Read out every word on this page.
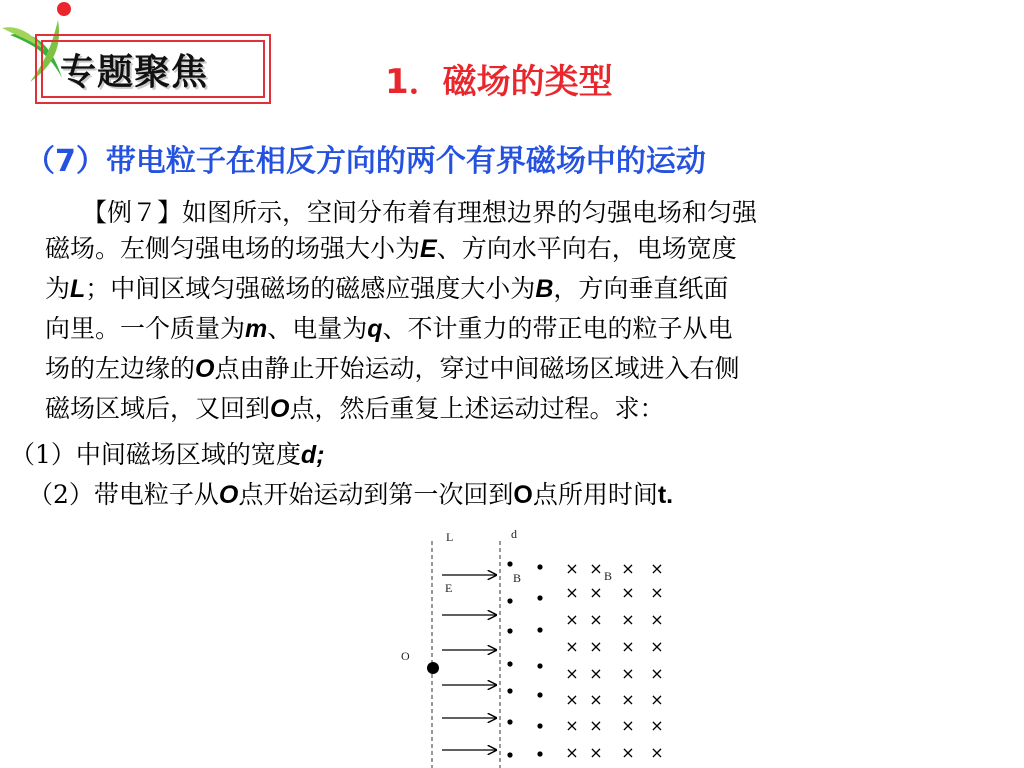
专题聚焦	1．磁场的类型
（7）带电粒子在相反方向的两个有界磁场中的运动
【例７】如图所示，空间分布着有理想边界的匀强电场和匀强
磁场。左侧匀强电场的场强大小为E、方向水平向右，电场宽度
为L；中间区域匀强磁场的磁感应强度大小为B，方向垂直纸面
向里。一个质量为m、电量为q、不计重力的带正电的粒子从电
场的左边缘的O点由静止开始运动，穿过中间磁场区域进入右侧
磁场区域后，又回到O点，然后重复上述运动过程。求：
（1）中间磁场区域的宽度d;
（2）带电粒子从O点开始运动到第一次回到O点所用时间t.
L	d
E
B	B
O
× × × ×
× × × ×
× × × ×
× × × ×
× × × ×
× × × ×
× × × ×
× × × ×
